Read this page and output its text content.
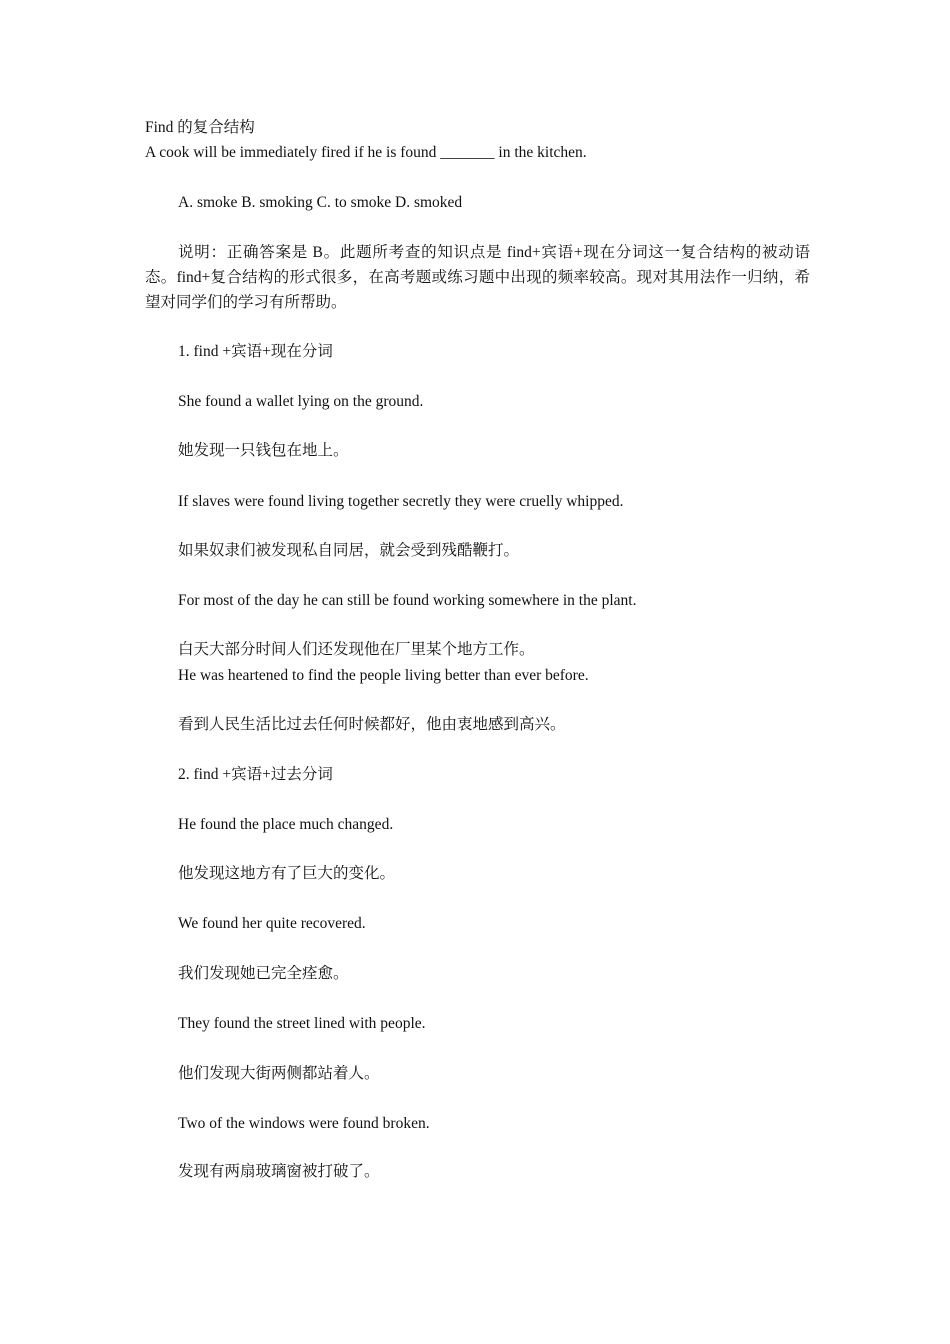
Find 的复合结构
A cook will be immediately fired if he is found _______ in the kitchen.
A. smoke B. smoking C. to smoke D. smoked
说明：正确答案是 B。此题所考查的知识点是 find+宾语+现在分词这一复合结构的被动语态。find+复合结构的形式很多，在高考题或练习题中出现的频率较高。现对其用法作一归纳，希望对同学们的学习有所帮助。
1. find +宾语+现在分词
She found a wallet lying on the ground.
她发现一只钱包在地上。
If slaves were found living together secretly they were cruelly whipped.
如果奴隶们被发现私自同居，就会受到残酷鞭打。
For most of the day he can still be found working somewhere in the plant.
白天大部分时间人们还发现他在厂里某个地方工作。
He was heartened to find the people living better than ever before.
看到人民生活比过去任何时候都好，他由衷地感到高兴。
2. find +宾语+过去分词
He found the place much changed.
他发现这地方有了巨大的变化。
We found her quite recovered.
我们发现她已完全痊愈。
They found the street lined with people.
他们发现大街两侧都站着人。
Two of the windows were found broken.
发现有两扇玻璃窗被打破了。
